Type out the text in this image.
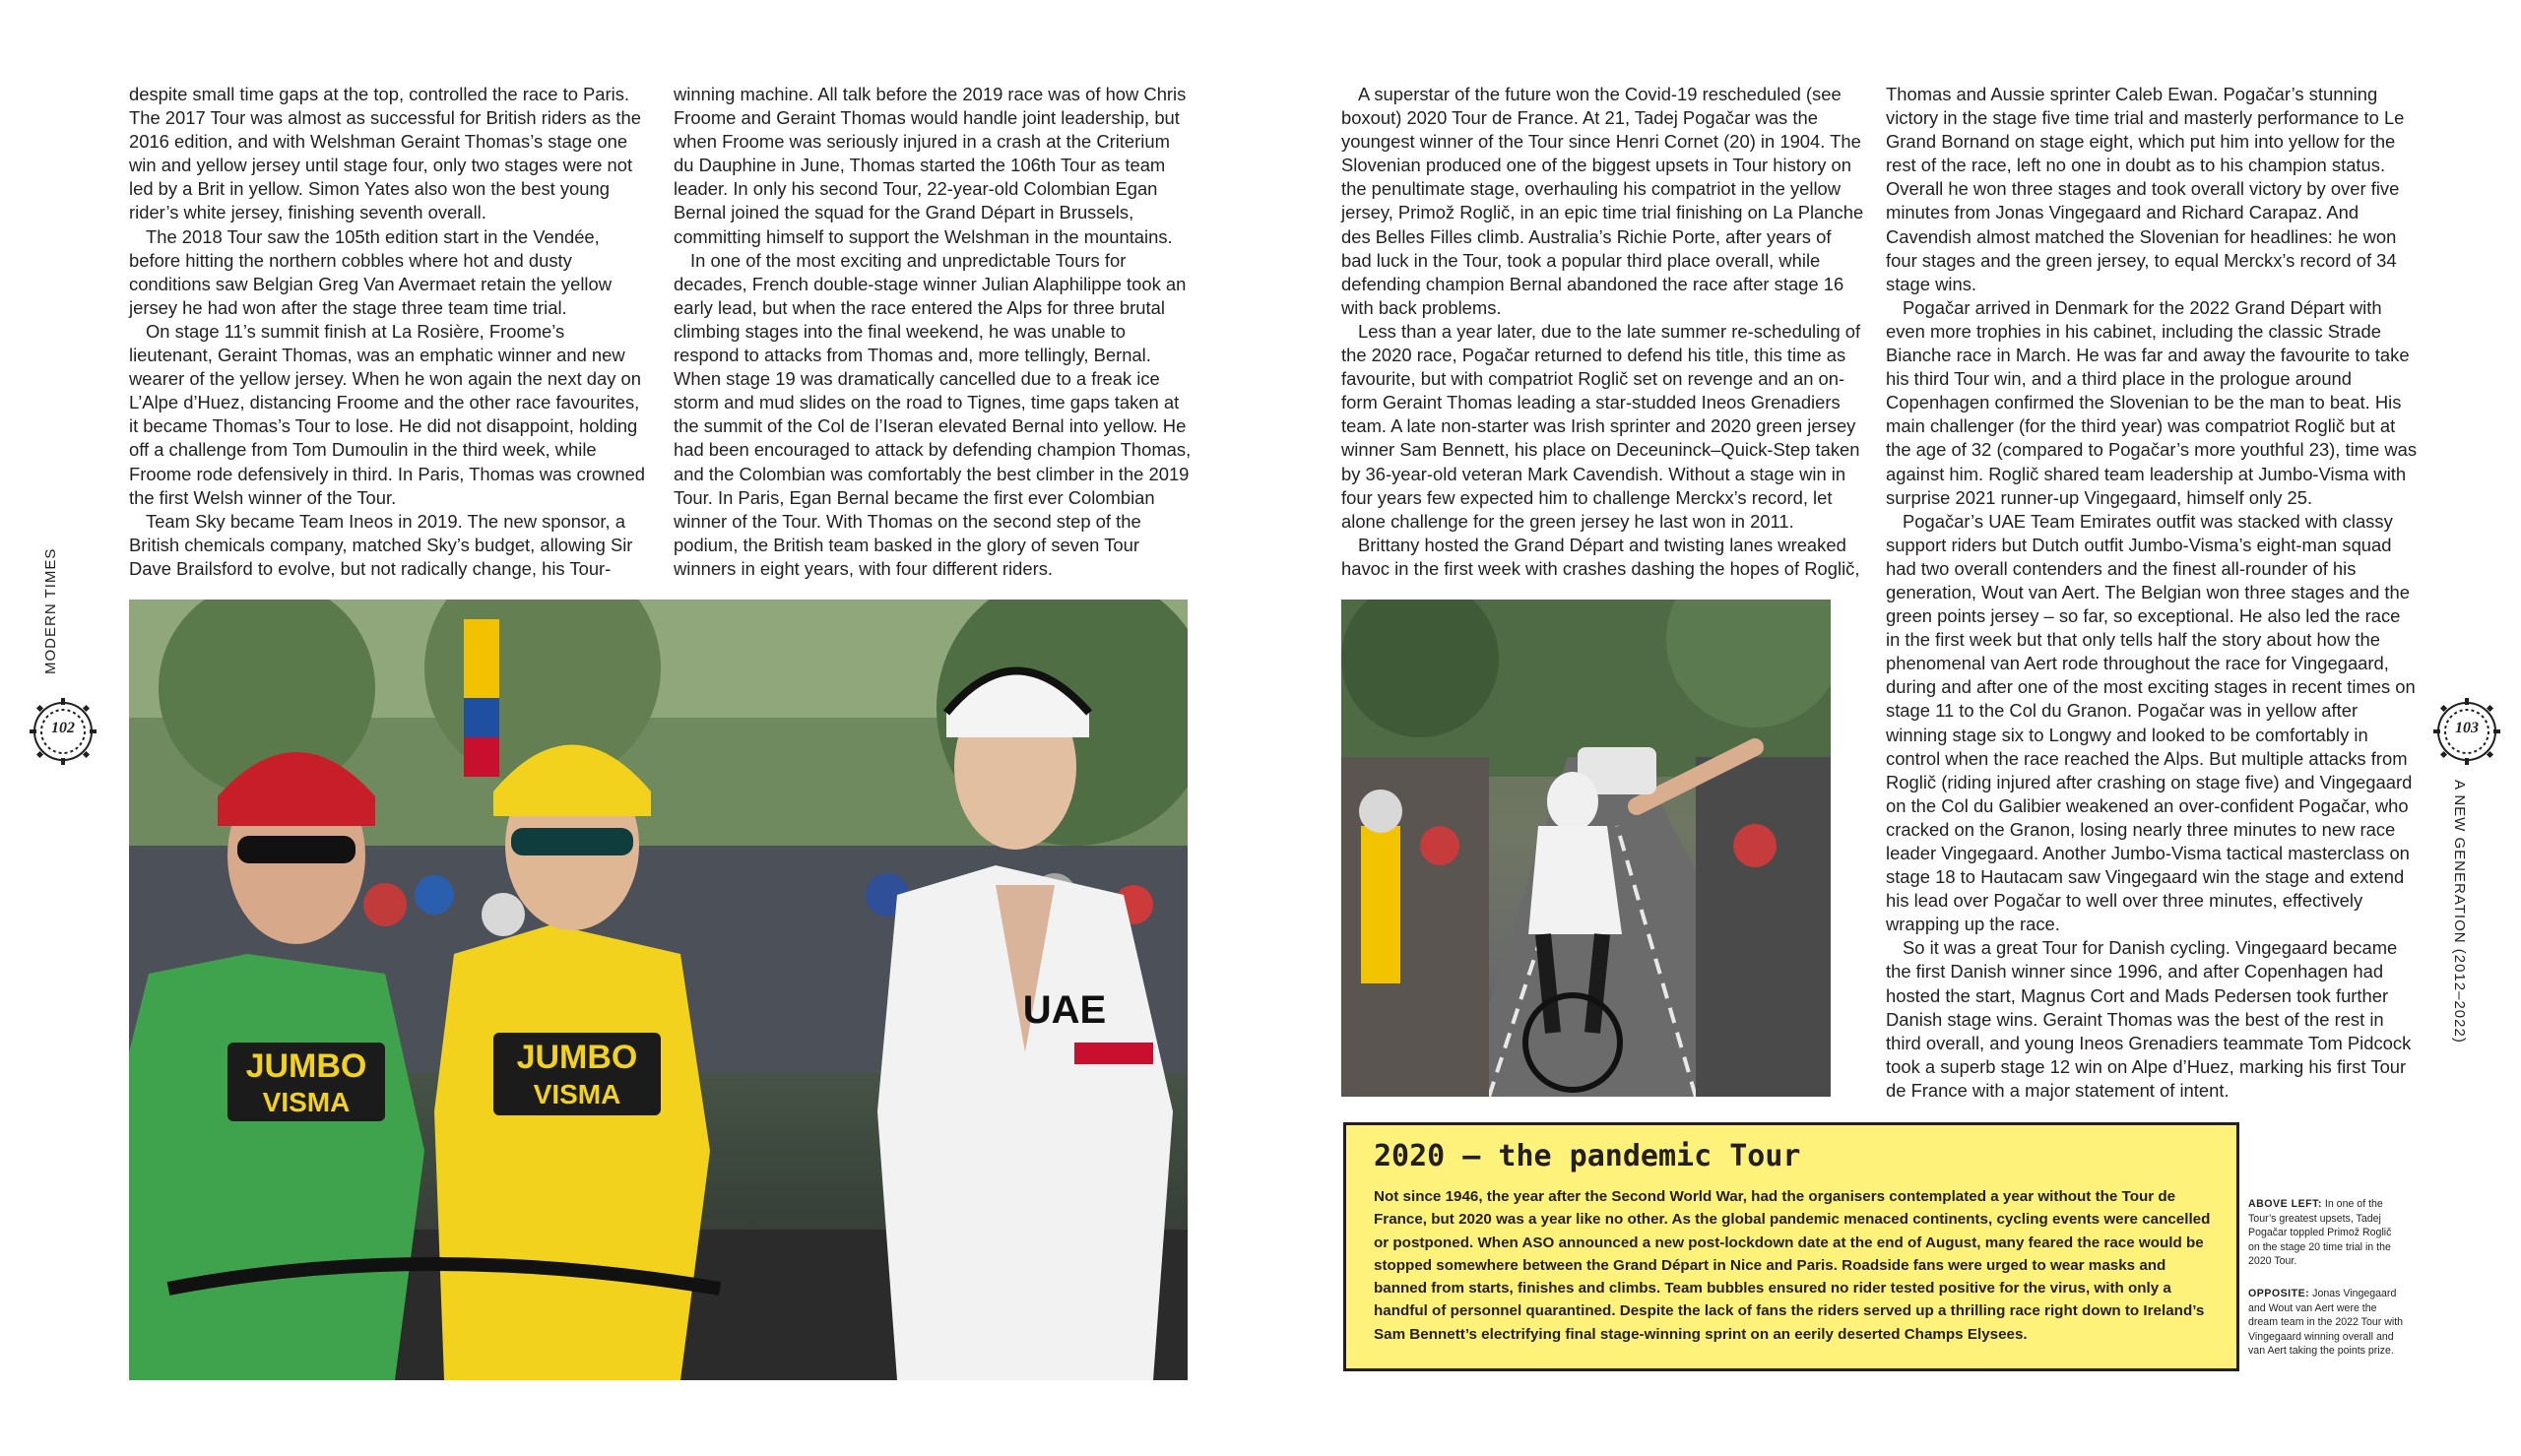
despite small time gaps at the top, controlled the race to Paris. The 2017 Tour was almost as successful for British riders as the 2016 edition, and with Welshman Geraint Thomas’s stage one win and yellow jersey until stage four, only two stages were not led by a Brit in yellow. Simon Yates also won the best young rider’s white jersey, finishing seventh overall.

The 2018 Tour saw the 105th edition start in the Vendée, before hitting the northern cobbles where hot and dusty conditions saw Belgian Greg Van Avermaet retain the yellow jersey he had won after the stage three team time trial.

On stage 11’s summit finish at La Rosière, Froome’s lieutenant, Geraint Thomas, was an emphatic winner and new wearer of the yellow jersey. When he won again the next day on L’Alpe d’Huez, distancing Froome and the other race favourites, it became Thomas’s Tour to lose. He did not disappoint, holding off a challenge from Tom Dumoulin in the third week, while Froome rode defensively in third. In Paris, Thomas was crowned the first Welsh winner of the Tour.

Team Sky became Team Ineos in 2019. The new sponsor, a British chemicals company, matched Sky’s budget, allowing Sir Dave Brailsford to evolve, but not radically change, his Tour-

winning machine. All talk before the 2019 race was of how Chris Froome and Geraint Thomas would handle joint leadership, but when Froome was seriously injured in a crash at the Criterium du Dauphine in June, Thomas started the 106th Tour as team leader. In only his second Tour, 22-year-old Colombian Egan Bernal joined the squad for the Grand Départ in Brussels, committing himself to support the Welshman in the mountains.

In one of the most exciting and unpredictable Tours for decades, French double-stage winner Julian Alaphilippe took an early lead, but when the race entered the Alps for three brutal climbing stages into the final weekend, he was unable to respond to attacks from Thomas and, more tellingly, Bernal. When stage 19 was dramatically cancelled due to a freak ice storm and mud slides on the road to Tignes, time gaps taken at the summit of the Col de l’Iseran elevated Bernal into yellow. He had been encouraged to attack by defending champion Thomas, and the Colombian was comfortably the best climber in the 2019 Tour. In Paris, Egan Bernal became the first ever Colombian winner of the Tour. With Thomas on the second step of the podium, the British team basked in the glory of seven Tour winners in eight years, with four different riders.

MODERN TIMES
102
JUMBO
VISMA
JUMBO
VISMA
UAE

A superstar of the future won the Covid-19 rescheduled (see boxout) 2020 Tour de France. At 21, Tadej Pogačar was the youngest winner of the Tour since Henri Cornet (20) in 1904. The Slovenian produced one of the biggest upsets in Tour history on the penultimate stage, overhauling his compatriot in the yellow jersey, Primož Roglič, in an epic time trial finishing on La Planche des Belles Filles climb. Australia’s Richie Porte, after years of bad luck in the Tour, took a popular third place overall, while defending champion Bernal abandoned the race after stage 16 with back problems.

Less than a year later, due to the late summer re-scheduling of the 2020 race, Pogačar returned to defend his title, this time as favourite, but with compatriot Roglič set on revenge and an on-form Geraint Thomas leading a star-studded Ineos Grenadiers team. A late non-starter was Irish sprinter and 2020 green jersey winner Sam Bennett, his place on Deceuninck–Quick-Step taken by 36-year-old veteran Mark Cavendish. Without a stage win in four years few expected him to challenge Merckx’s record, let alone challenge for the green jersey he last won in 2011.

Brittany hosted the Grand Départ and twisting lanes wreaked havoc in the first week with crashes dashing the hopes of Roglič,

Thomas and Aussie sprinter Caleb Ewan. Pogačar’s stunning victory in the stage five time trial and masterly performance to Le Grand Bornand on stage eight, which put him into yellow for the rest of the race, left no one in doubt as to his champion status. Overall he won three stages and took overall victory by over five minutes from Jonas Vingegaard and Richard Carapaz. And Cavendish almost matched the Slovenian for headlines: he won four stages and the green jersey, to equal Merckx’s record of 34 stage wins.

Pogačar arrived in Denmark for the 2022 Grand Départ with even more trophies in his cabinet, including the classic Strade Bianche race in March. He was far and away the favourite to take his third Tour win, and a third place in the prologue around Copenhagen confirmed the Slovenian to be the man to beat. His main challenger (for the third year) was compatriot Roglič but at the age of 32 (compared to Pogačar’s more youthful 23), time was against him. Roglič shared team leadership at Jumbo-Visma with surprise 2021 runner-up Vingegaard, himself only 25.

Pogačar’s UAE Team Emirates outfit was stacked with classy support riders but Dutch outfit Jumbo-Visma’s eight-man squad had two overall contenders and the finest all-rounder of his generation, Wout van Aert. The Belgian won three stages and the green points jersey – so far, so exceptional. He also led the race in the first week but that only tells half the story about how the phenomenal van Aert rode throughout the race for Vingegaard, during and after one of the most exciting stages in recent times on stage 11 to the Col du Granon. Pogačar was in yellow after winning stage six to Longwy and looked to be comfortably in control when the race reached the Alps. But multiple attacks from Roglič (riding injured after crashing on stage five) and Vingegaard on the Col du Galibier weakened an over-confident Pogačar, who cracked on the Granon, losing nearly three minutes to new race leader Vingegaard. Another Jumbo-Visma tactical masterclass on stage 18 to Hautacam saw Vingegaard win the stage and extend his lead over Pogačar to well over three minutes, effectively wrapping up the race.

So it was a great Tour for Danish cycling. Vingegaard became the first Danish winner since 1996, and after Copenhagen had hosted the start, Magnus Cort and Mads Pedersen took further Danish stage wins. Geraint Thomas was the best of the rest in third overall, and young Ineos Grenadiers teammate Tom Pidcock took a superb stage 12 win on Alpe d’Huez, marking his first Tour de France with a major statement of intent.

2020 – the pandemic Tour
Not since 1946, the year after the Second World War, had the organisers contemplated a year without the Tour de France, but 2020 was a year like no other. As the global pandemic menaced continents, cycling events were cancelled or postponed. When ASO announced a new post-lockdown date at the end of August, many feared the race would be stopped somewhere between the Grand Départ in Nice and Paris. Roadside fans were urged to wear masks and banned from starts, finishes and climbs. Team bubbles ensured no rider tested positive for the virus, with only a handful of personnel quarantined. Despite the lack of fans the riders served up a thrilling race right down to Ireland’s Sam Bennett’s electrifying final stage-winning sprint on an eerily deserted Champs Elysees.
ABOVE LEFT: In one of the Tour’s greatest upsets, Tadej Pogačar toppled Primož Roglič on the stage 20 time trial in the 2020 Tour.
OPPOSITE: Jonas Vingegaard and Wout van Aert were the dream team in the 2022 Tour with Vingegaard winning overall and van Aert taking the points prize.
103
A NEW GENERATION (2012–2022)
